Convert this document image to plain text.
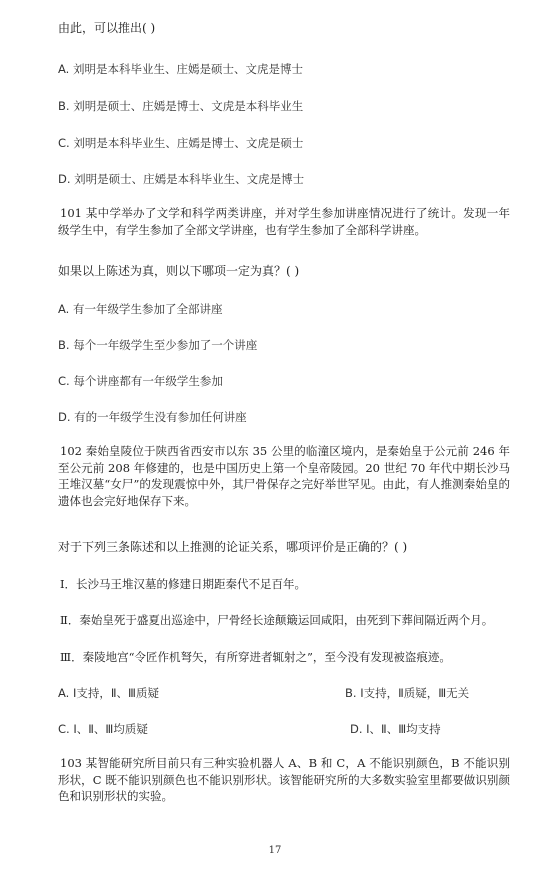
由此，可以推出( )
A. 刘明是本科毕业生、庄嫣是硕士、文虎是博士
B. 刘明是硕士、庄嫣是博士、文虎是本科毕业生
C. 刘明是本科毕业生、庄嫣是博士、文虎是硕士
D. 刘明是硕士、庄嫣是本科毕业生、文虎是博士
101 某中学举办了文学和科学两类讲座，并对学生参加讲座情况进行了统计。发现一年级学生中，有学生参加了全部文学讲座，也有学生参加了全部科学讲座。
如果以上陈述为真，则以下哪项一定为真？( )
A. 有一年级学生参加了全部讲座
B. 每个一年级学生至少参加了一个讲座
C. 每个讲座都有一年级学生参加
D. 有的一年级学生没有参加任何讲座
102 秦始皇陵位于陕西省西安市以东 35 公里的临潼区境内，是秦始皇于公元前 246 年至公元前 208 年修建的，也是中国历史上第一个皇帝陵园。20 世纪 70 年代中期长沙马王堆汉墓“女尸”的发现震惊中外，其尸骨保存之完好举世罕见。由此，有人推测秦始皇的遗体也会完好地保存下来。
对于下列三条陈述和以上推测的论证关系，哪项评价是正确的？( )
Ⅰ．长沙马王堆汉墓的修建日期距秦代不足百年。
Ⅱ．秦始皇死于盛夏出巡途中，尸骨经长途颠簸运回咸阳，由死到下葬间隔近两个月。
Ⅲ．秦陵地宫“令匠作机弩矢，有所穿进者辄射之”，至今没有发现被盗痕迹。
A. Ⅰ支持，Ⅱ、Ⅲ质疑	B. Ⅰ支持，Ⅱ质疑，Ⅲ无关
C. Ⅰ、Ⅱ、Ⅲ均质疑	D. Ⅰ、Ⅱ、Ⅲ均支持
103 某智能研究所目前只有三种实验机器人 A、B 和 C，A 不能识别颜色，B 不能识别形状，C 既不能识别颜色也不能识别形状。该智能研究所的大多数实验室里都要做识别颜色和识别形状的实验。
17
